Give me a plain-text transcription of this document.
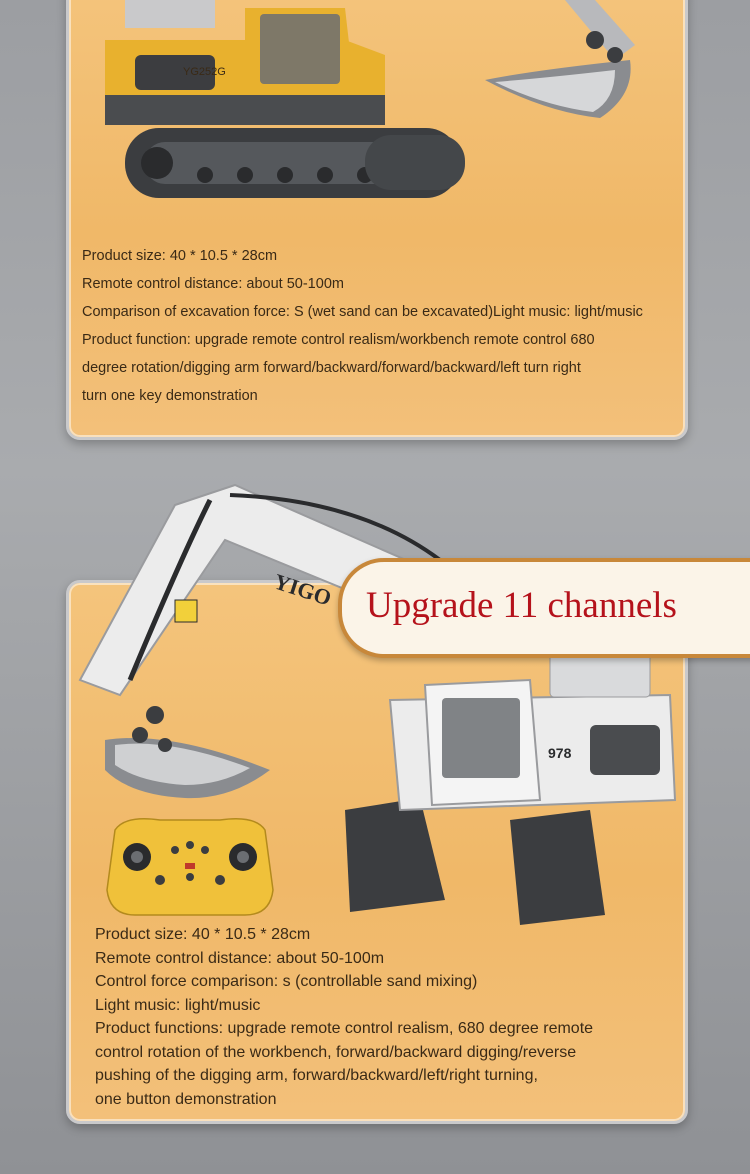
YG252G
Product size: 40 * 10.5 * 28cm
Remote control distance: about 50-100m
Comparison of excavation force: S (wet sand can be excavated)Light music: light/music
Product function: upgrade remote control realism/workbench remote control 680
degree rotation/digging arm forward/backward/forward/backward/left turn right
turn one key demonstration
YIGO
978
Upgrade 11 channels
Product size: 40 * 10.5 * 28cm
Remote control distance: about 50-100m
Control force comparison: s (controllable sand mixing)
Light music: light/music
Product functions: upgrade remote control realism, 680 degree remote
control rotation of the workbench, forward/backward digging/reverse
pushing of the digging arm, forward/backward/left/right turning,
one button demonstration
